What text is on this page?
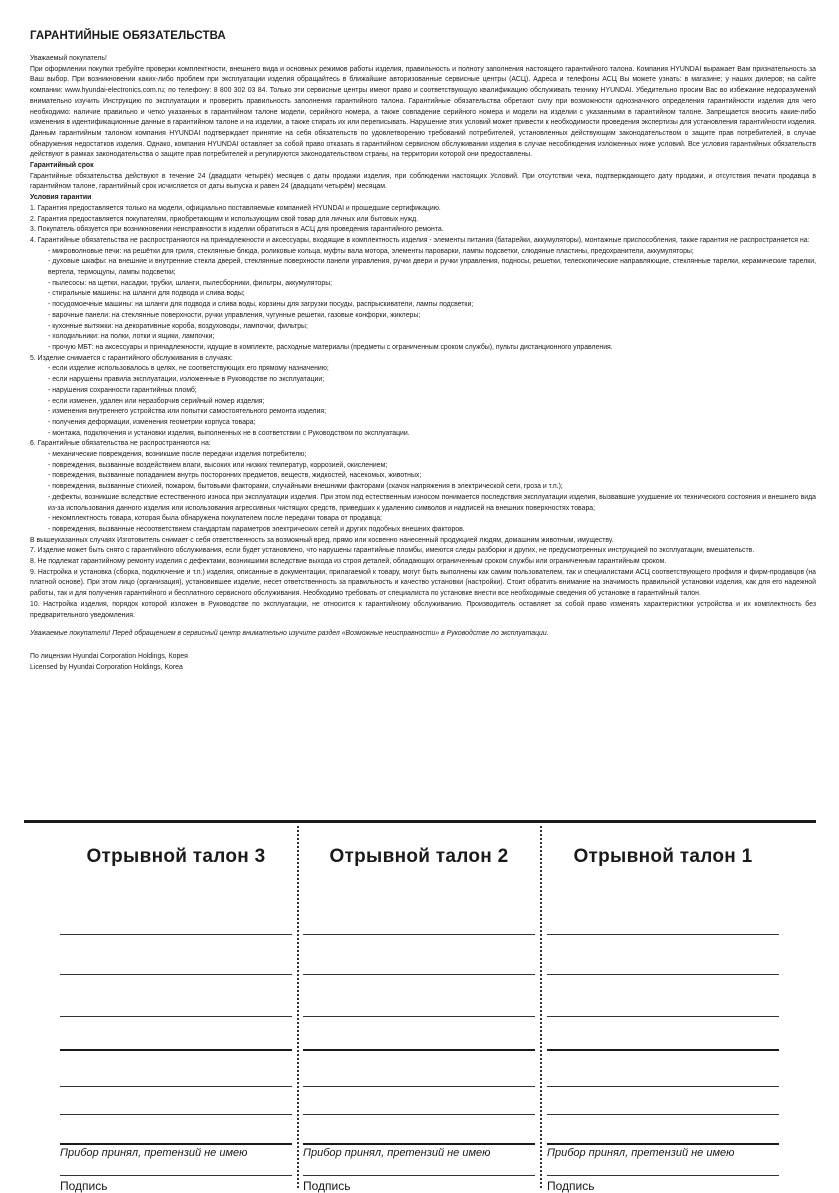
ГАРАНТИЙНЫЕ ОБЯЗАТЕЛЬСТВА

Уважаемый покупатель!

При оформлении покупки требуйте проверки комплектности, внешнего вида и основных режимов работы изделия, правильность и полноту заполнения настоящего гарантийного талона. Компания HYUNDAI выражает Вам признательность за Ваш выбор. При возникновении каких-либо проблем при эксплуатации изделия обращайтесь в ближайшие авторизованные сервисные центры (АСЦ). Адреса и телефоны АСЦ Вы можете узнать: в магазине; у наших дилеров; на сайте компании: www.hyundai-electronics.com.ru; по телефону: 8 800 302 03 84. Только эти сервисные центры имеют право и соответствующую квалификацию обслуживать технику HYUNDAI. Убедительно просим Вас во избежание недоразумений внимательно изучить Инструкцию по эксплуатации и проверить правильность заполнения гарантийного талона. Гарантийные обязательства обретают силу при возможности однозначного определения гарантийности изделия для чего необходимо: наличие правильно и четко указанных в гарантийном талоне модели, серийного номера, а также совпадение серийного номера и модели на изделии с указанными в гарантийном талоне. Запрещается вносить какие-либо изменения в идентификационные данные в гарантийном талоне и на изделии, а также стирать их или переписывать. Нарушение этих условий может привести к необходимости проведения экспертизы для установления гарантийности изделия. Данным гарантийным талоном компания HYUNDAI подтверждает принятие на себя обязательств по удовлетворению требований потребителей, установленных действующим законодательством о защите прав потребителей, в случае обнаружения недостатков изделия. Однако, компания HYUNDAI оставляет за собой право отказать в гарантийном сервисном обслуживании изделия в случае несоблюдения изложенных ниже условий. Все условия гарантийных обязательств действуют в рамках законодательства о защите прав потребителей и регулируются законодательством страны, на территории которой они предоставлены.

Гарантийный срок

Гарантийные обязательства действуют в течение 24 (двадцати четырёх) месяцев с даты продажи изделия, при соблюдении настоящих Условий. При отсутствии чека, подтверждающего дату продажи, и отсутствия печати продавца в гарантийном талоне, гарантийный срок исчисляется от даты выпуска и равен 24 (двадцати четырём) месяцам.

Условия гарантии

1. Гарантия предоставляется только на модели, официально поставляемые компанией HYUNDAI и прошедшие сертификацию.

2. Гарантия предоставляется покупателям, приобретающим и использующим свой товар для личных или бытовых нужд.

3. Покупатель обязуется при возникновении неисправности в изделии обратиться в АСЦ для проведения гарантийного ремонта.

4. Гарантийные обязательства не распространяются на принадлежности и аксессуары, входящие в комплектность изделия - элементы питания (батарейки, аккумуляторы), монтажные приспособления, также гарантия не распространяется на:

- микроволновые печи: на решётки для гриля, стеклянные блюда, роликовые кольца, муфты вала мотора, элементы пароварки, лампы подсветки, слюдяные пластины, предохранители, аккумуляторы;

- духовые шкафы: на внешние и внутренние стекла дверей, стеклянные поверхности панели управления, ручки двери и ручки управления, подносы, решетки, телескопические направляющие, стеклянные тарелки, керамические тарелки, вертела, термощупы, лампы подсветки;

- пылесосы: на щетки, насадки, трубки, шланги, пылесборники, фильтры, аккумуляторы;

- стиральные машины: на шланги для подвода и слива воды;

- посудомоечные машины: на шланги для подвода и слива воды, корзины для загрузки посуды, распрыскиватели, лампы подсветки;

- варочные панели: на стеклянные поверхности, ручки управления, чугунные решетки, газовые конфорки, жиклеры;

- кухонные вытяжки: на декоративные короба, воздуховоды, лампочки, фильтры;

- холодильники: на полки, лотки и ящики, лампочки;

- прочую МБТ: на аксессуары и принадлежности, идущие в комплекте, расходные материалы (предметы с ограниченным сроком службы), пульты дистанционного управления.

5. Изделие снимается с гарантийного обслуживания в случаях:

- если изделие использовалось в целях, не соответствующих его прямому назначению;

- если нарушены правила эксплуатации, изложенные в Руководстве по эксплуатации;

- нарушения сохранности гарантийных пломб;

- если изменен, удален или неразборчив серийный номер изделия;

- изменения внутреннего устройства или попытки самостоятельного ремонта изделия;

- получения деформации, изменения геометрии корпуса товара;

- монтажа, подключения и установки изделия, выполненных не в соответствии с Руководством по эксплуатации.

6. Гарантийные обязательства не распространяются на:

- механические повреждения, возникшие после передачи изделия потребителю;

- повреждения, вызванные воздействием влаги, высоких или низких температур, коррозией, окислением;

- повреждения, вызванные попаданием внутрь посторонних предметов, веществ, жидкостей, насекомых, животных;

- повреждения, вызванные стихией, пожаром, бытовыми факторами, случайными внешними факторами (скачок напряжения в электрической сети, гроза и т.п.);

- дефекты, возникшие вследствие естественного износа при эксплуатации изделия. При этом под естественным износом понимается последствия эксплуатации изделия, вызвавшие ухудшение их технического состояния и внешнего вида из-за использования данного изделия или использования агрессивных чистящих средств, приведших к удалению символов и надписей на внешних поверхностях товара;

- некомплектность товара, которая была обнаружена покупателем после передачи товара от продавца;

- повреждения, вызванные несоответствием стандартам параметров электрических сетей и других подобных внешних факторов.

В вышеуказанных случаях Изготовитель снимает с себя ответственность за возможный вред, прямо или косвенно нанесенный продукцией людям, домашним животным, имуществу.

7. Изделие может быть снято с гарантийного обслуживания, если будет установлено, что нарушены гарантийные пломбы, имеются следы разборки и других, не предусмотренных инструкцией по эксплуатации, вмешательств.

8. Не подлежат гарантийному ремонту изделия с дефектами, возникшими вследствие выхода из строя деталей, обладающих ограниченным сроком службы или ограниченным гарантийным сроком.

9. Настройка и установка (сборка, подключение и т.п.) изделия, описанные в документации, прилагаемой к товару, могут быть выполнены как самим пользователем, так и специалистами АСЦ соответствующего профиля и фирм-продавцов (на платной основе). При этом лицо (организация), установившее изделие, несет ответственность за правильность и качество установки (настройки). Стоит обратить внимание на значимость правильной установки изделия, как для его надежной работы, так и для получения гарантийного и бесплатного сервисного обслуживания. Необходимо требовать от специалиста по установке внести все необходимые сведения об установке в гарантийный талон.

10. Настройка изделия, порядок которой изложен в Руководстве по эксплуатации, не относится к гарантийному обслуживанию. Производитель оставляет за собой право изменять характеристики устройства и их комплектность без предварительного уведомления.

Уважаемые покупатели! Перед обращением в сервисный центр внимательно изучите раздел «Возможные неисправности» в Руководстве по эксплуатации.

По лицензии Hyundai Corporation Holdings, Корея

Licensed by Hyundai Corporation Holdings, Korea

Отрывной талон 3
Прибор принял, претензий не имею
Подпись
Отрывной талон 2
Прибор принял, претензий не имею
Подпись
Отрывной талон 1
Прибор принял, претензий не имею
Подпись
